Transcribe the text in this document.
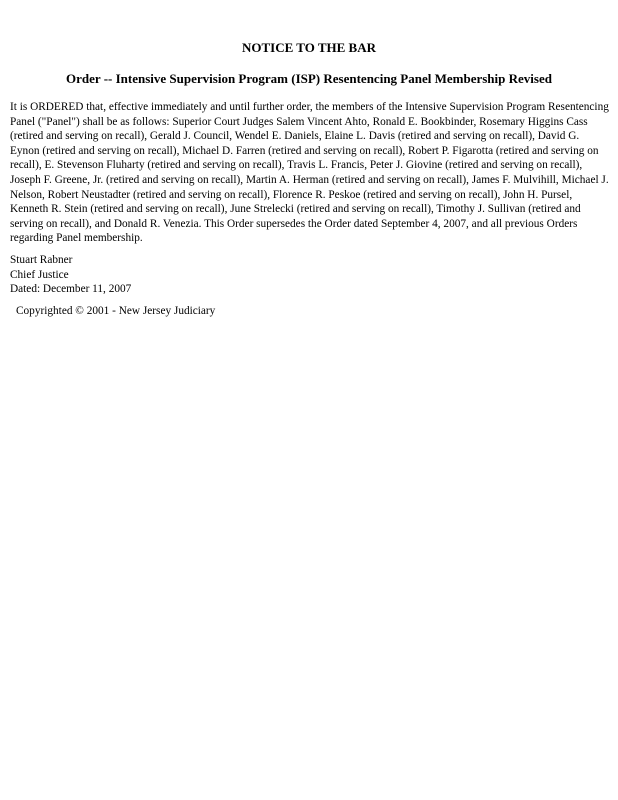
NOTICE TO THE BAR
Order -- Intensive Supervision Program (ISP) Resentencing Panel Membership Revised

It is ORDERED that, effective immediately and until further order, the members of the Intensive Supervision Program Resentencing Panel ("Panel") shall be as follows: Superior Court Judges Salem Vincent Ahto, Ronald E. Bookbinder, Rosemary Higgins Cass (retired and serving on recall), Gerald J. Council, Wendel E. Daniels, Elaine L. Davis (retired and serving on recall), David G. Eynon (retired and serving on recall), Michael D. Farren (retired and serving on recall), Robert P. Figarotta (retired and serving on recall), E. Stevenson Fluharty (retired and serving on recall), Travis L. Francis, Peter J. Giovine (retired and serving on recall), Joseph F. Greene, Jr. (retired and serving on recall), Martin A. Herman (retired and serving on recall), James F. Mulvihill, Michael J. Nelson, Robert Neustadter (retired and serving on recall), Florence R. Peskoe (retired and serving on recall), John H. Pursel, Kenneth R. Stein (retired and serving on recall), June Strelecki (retired and serving on recall), Timothy J. Sullivan (retired and serving on recall), and Donald R. Venezia. This Order supersedes the Order dated September 4, 2007, and all previous Orders regarding Panel membership.

Stuart Rabner
Chief Justice
Dated: December 11, 2007
Copyrighted © 2001 - New Jersey Judiciary
